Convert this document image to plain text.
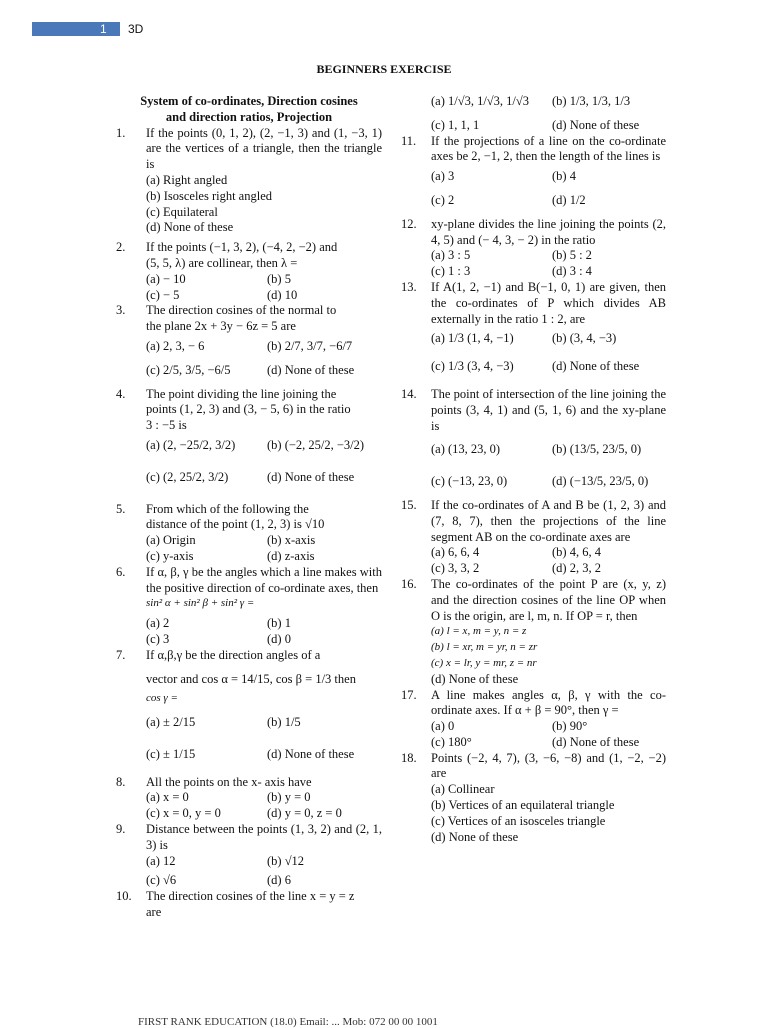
1 3D
BEGINNERS EXERCISE
System of co-ordinates, Direction cosines
and direction ratios, Projection
1. If the points (0, 1, 2), (2, −1, 3) and (1, −3, 1) are the vertices of a triangle, then the triangle is
(a) Right angled
(b) Isosceles right angled
(c) Equilateral
(d) None of these
2. If the points (−1, 3, 2), (−4, 2, −2) and
(5, 5, λ) are collinear, then λ =
(a) − 10	(b) 5
(c) − 5	(d) 10
3. The direction cosines of the normal to
the plane 2x + 3y − 6z = 5 are
(a) 2, 3, − 6	(b) 2/7, 3/7, −6/7
(c) 2/5, 3/5, −6/5	(d) None of these
4. The point dividing the line joining the
points (1, 2, 3) and (3, − 5, 6) in the ratio
3 : −5 is
(a) (2, −25/2, 3/2)	(b) (−2, 25/2, −3/2)
(c) (2, 25/2, 3/2)	(d) None of these
5. From which of the following the
distance of the point (1, 2, 3) is √10
(a) Origin	(b) x-axis
(c) y-axis	(d) z-axis
6. If α, β, γ be the angles which a line makes with the positive direction of co-ordinate axes, then
sin² α + sin² β + sin² γ =
(a) 2	(b) 1
(c) 3	(d) 0
7. If α,β,γ be the direction angles of a
vector and cos α = 14/15, cos β = 1/3 then
cos γ =
(a) ± 2/15	(b) 1/5
(c) ± 1/15	(d) None of these
8. All the points on the x- axis have
(a) x = 0	(b) y = 0
(c) x = 0, y = 0	(d) y = 0, z = 0
9. Distance between the points (1, 3, 2) and (2, 1, 3) is
(a) 12	(b) √12
(c) √6	(d) 6
10. The direction cosines of the line x = y = z
are
(a) 1/√3, 1/√3, 1/√3	(b) 1/3, 1/3, 1/3
(c) 1, 1, 1	(d) None of these
11. If the projections of a line on the co-ordinate axes be 2, −1, 2, then the length of the lines is
(a) 3	(b) 4
(c) 2	(d) 1/2
12. xy-plane divides the line joining the points (2, 4, 5) and (− 4, 3, − 2) in the ratio
(a) 3 : 5	(b) 5 : 2
(c) 1 : 3	(d) 3 : 4
13. If A(1, 2, −1) and B(−1, 0, 1) are given, then the co-ordinates of P which divides AB externally in the ratio 1 : 2, are
(a) 1/3 (1, 4, −1)	(b) (3, 4, −3)
(c) 1/3 (3, 4, −3)	(d) None of these
14. The point of intersection of the line joining the points (3, 4, 1) and (5, 1, 6) and the xy-plane is
(a) (13, 23, 0)	(b) (13/5, 23/5, 0)
(c) (−13, 23, 0)	(d) (−13/5, 23/5, 0)
15. If the co-ordinates of A and B be (1, 2, 3) and (7, 8, 7), then the projections of the line segment AB on the co-ordinate axes are
(a) 6, 6, 4	(b) 4, 6, 4
(c) 3, 3, 2	(d) 2, 3, 2
16. The co-ordinates of the point P are (x, y, z) and the direction cosines of the line OP when O is the origin, are l, m, n. If OP = r, then
(a) l = x, m = y, n = z
(b) l = xr, m = yr, n = zr
(c) x = lr, y = mr, z = nr
(d) None of these
17. A line makes angles α, β, γ with the co-ordinate axes. If α + β = 90°, then γ =
(a) 0	(b) 90°
(c) 180°	(d) None of these
18. Points (−2, 4, 7), (3, −6, −8) and (1, −2, −2) are
(a) Collinear
(b) Vertices of an equilateral triangle
(c) Vertices of an isosceles triangle
(d) None of these
FIRST RANK EDUCATION (18.0) Email: ... Mob: 072 00 00 1001
